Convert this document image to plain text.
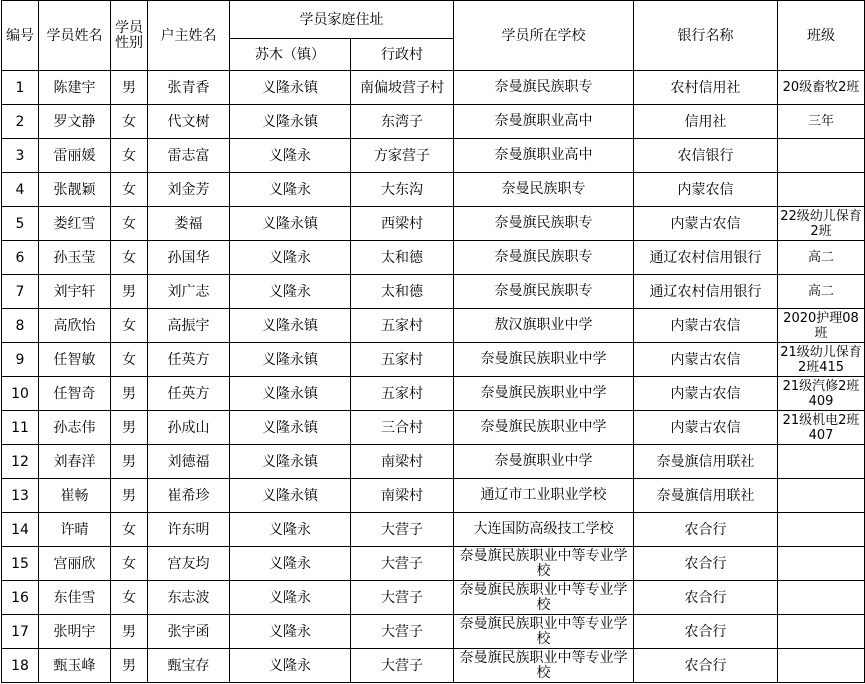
编号	学员姓名	学员性别	户主姓名	学员家庭住址		学员所在学校	银行名称	班级
				苏木（镇）	行政村			
1	陈建宇	男	张青香	义隆永镇	南偏坡营子村	奈曼旗民族职专	农村信用社	20级畜牧2班
2	罗文静	女	代文树	义隆永镇	东湾子	奈曼旗职业高中	信用社	三年
3	雷丽媛	女	雷志富	义隆永	方家营子	奈曼旗职业高中	农信银行	
4	张靓颖	女	刘金芳	义隆永	大东沟	奈曼民族职专	内蒙农信	
5	娄红雪	女	娄福	义隆永镇	西梁村	奈曼旗民族职专	内蒙古农信	22级幼儿保育2班
6	孙玉莹	女	孙国华	义隆永	太和德	奈曼旗民族职专	通辽农村信用银行	高二
7	刘宇轩	男	刘广志	义隆永	太和德	奈曼旗民族职专	通辽农村信用银行	高二
8	高欣怡	女	高振宇	义隆永镇	五家村	敖汉旗职业中学	内蒙古农信	2020护理08班
9	任智敏	女	任英方	义隆永镇	五家村	奈曼旗民族职业中学	内蒙古农信	21级幼儿保育2班415
10	任智奇	男	任英方	义隆永镇	五家村	奈曼旗民族职业中学	内蒙古农信	21级汽修2班409
11	孙志伟	男	孙成山	义隆永镇	三合村	奈曼旗民族职业中学	内蒙古农信	21级机电2班407
12	刘春洋	男	刘德福	义隆永镇	南梁村	奈曼旗职业中学	奈曼旗信用联社	
13	崔畅	男	崔希珍	义隆永镇	南梁村	通辽市工业职业学校	奈曼旗信用联社	
14	许晴	女	许东明	义隆永	大营子	大连国防高级技工学校	农合行	
15	宫丽欣	女	宫友均	义隆永	大营子	奈曼旗民族职业中等专业学校	农合行	
16	东佳雪	女	东志波	义隆永	大营子	奈曼旗民族职业中等专业学校	农合行	
17	张明宇	男	张宇函	义隆永	大营子	奈曼旗民族职业中等专业学校	农合行	
18	甄玉峰	男	甄宝存	义隆永	大营子	奈曼旗民族职业中等专业学校	农合行	
